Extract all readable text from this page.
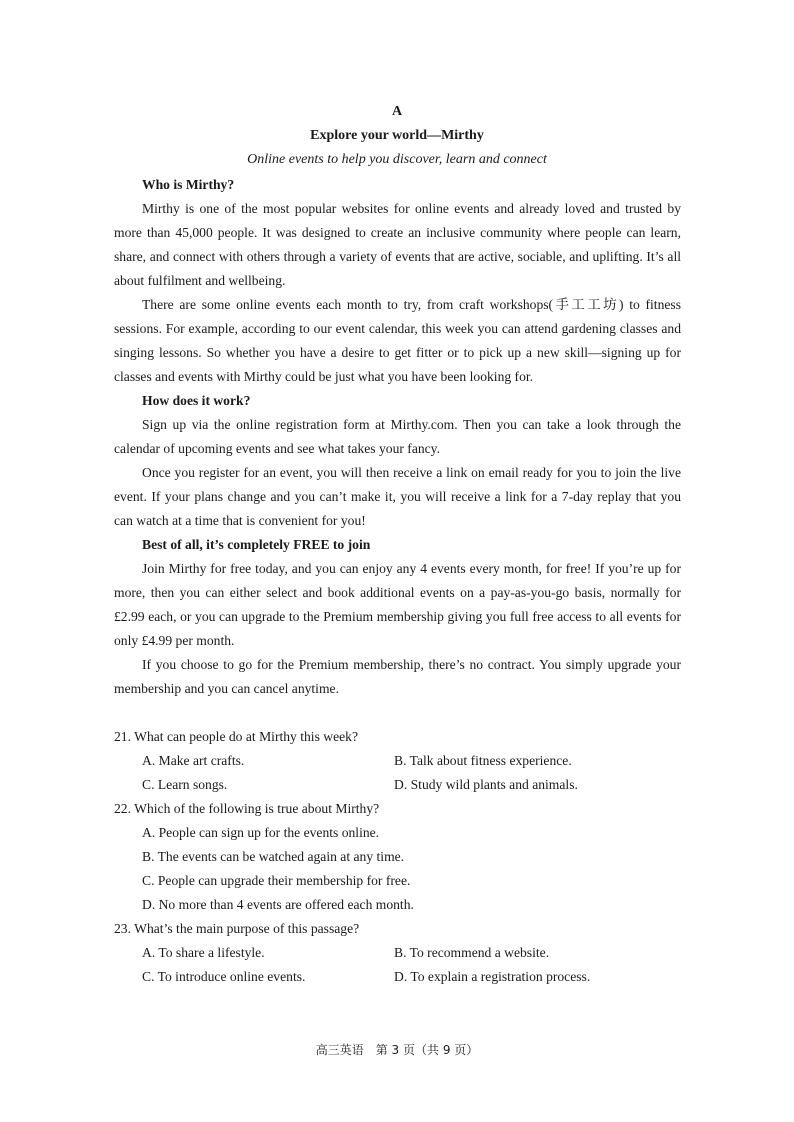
A
Explore your world—Mirthy
Online events to help you discover, learn and connect
Who is Mirthy?

Mirthy is one of the most popular websites for online events and already loved and trusted by more than 45,000 people. It was designed to create an inclusive community where people can learn, share, and connect with others through a variety of events that are active, sociable, and uplifting. It’s all about fulfilment and wellbeing.

There are some online events each month to try, from craft workshops(手工工坊) to fitness sessions. For example, according to our event calendar, this week you can attend gardening classes and singing lessons. So whether you have a desire to get fitter or to pick up a new skill—signing up for classes and events with Mirthy could be just what you have been looking for.

How does it work?

Sign up via the online registration form at Mirthy.com. Then you can take a look through the calendar of upcoming events and see what takes your fancy.

Once you register for an event, you will then receive a link on email ready for you to join the live event. If your plans change and you can’t make it, you will receive a link for a 7-day replay that you can watch at a time that is convenient for you!

Best of all, it’s completely FREE to join

Join Mirthy for free today, and you can enjoy any 4 events every month, for free! If you’re up for more, then you can either select and book additional events on a pay-as-you-go basis, normally for £2.99 each, or you can upgrade to the Premium membership giving you full free access to all events for only £4.99 per month.

If you choose to go for the Premium membership, there’s no contract. You simply upgrade your membership and you can cancel anytime.

21. What can people do at Mirthy this week?
A. Make art crafts.	B. Talk about fitness experience.
C. Learn songs.	D. Study wild plants and animals.
22. Which of the following is true about Mirthy?
A. People can sign up for the events online.
B. The events can be watched again at any time.
C. People can upgrade their membership for free.
D. No more than 4 events are offered each month.
23. What’s the main purpose of this passage?
A. To share a lifestyle.	B. To recommend a website.
C. To introduce online events.	D. To explain a registration process.
高三英语　第 3 页（共 9 页）
